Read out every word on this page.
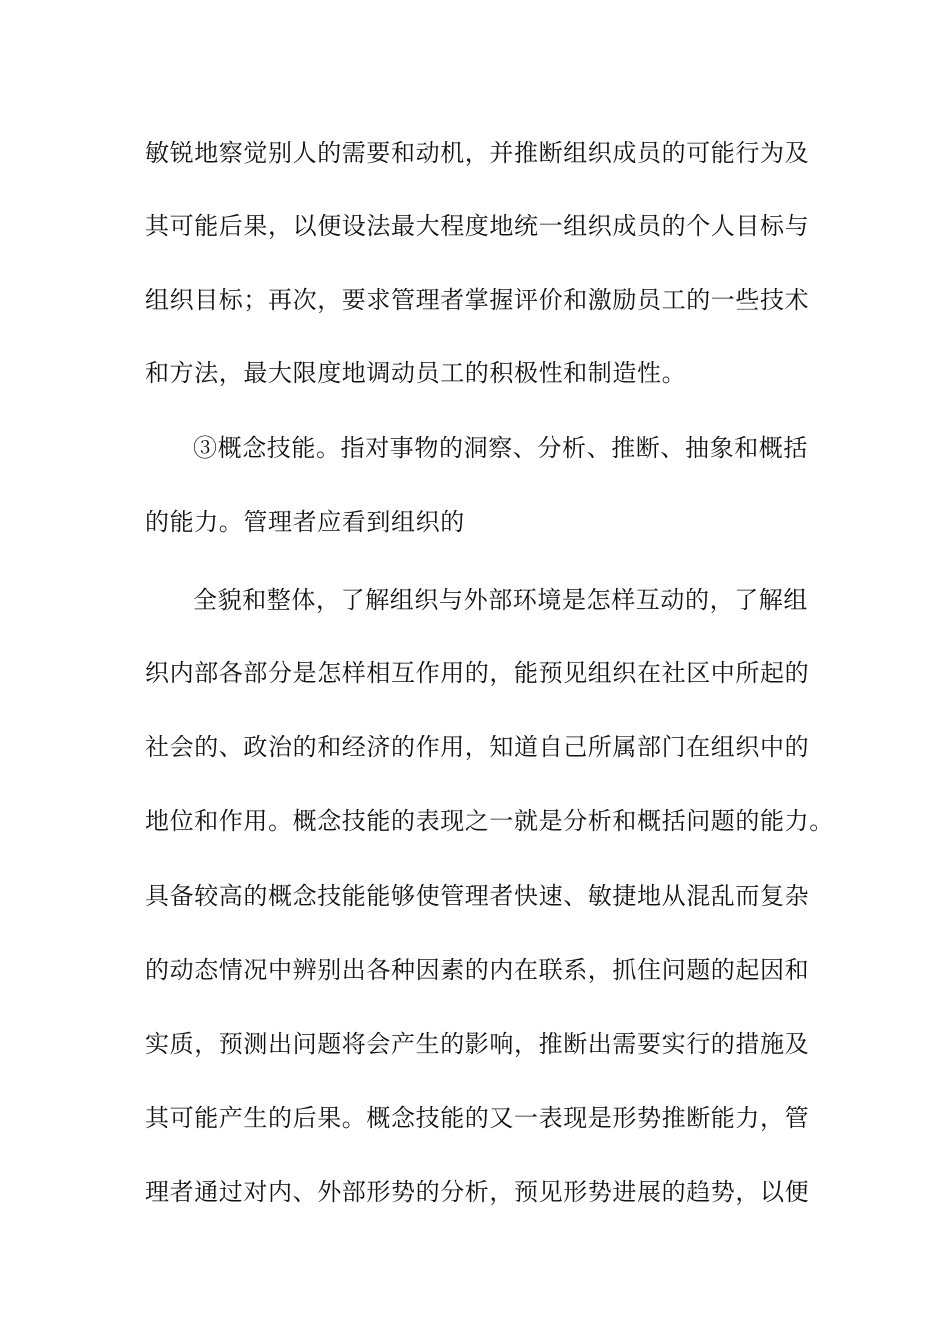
敏锐地察觉别人的需要和动机，并推断组织成员的可能行为及
其可能后果，以便设法最大程度地统一组织成员的个人目标与
组织目标；再次，要求管理者掌握评价和激励员工的一些技术
和方法，最大限度地调动员工的积极性和制造性。
③概念技能。指对事物的洞察、分析、推断、抽象和概括
的能力。管理者应看到组织的
全貌和整体，了解组织与外部环境是怎样互动的，了解组
织内部各部分是怎样相互作用的，能预见组织在社区中所起的
社会的、政治的和经济的作用，知道自己所属部门在组织中的
地位和作用。概念技能的表现之一就是分析和概括问题的能力。
具备较高的概念技能能够使管理者快速、敏捷地从混乱而复杂
的动态情况中辨别出各种因素的内在联系，抓住问题的起因和
实质，预测出问题将会产生的影响，推断出需要实行的措施及
其可能产生的后果。概念技能的又一表现是形势推断能力，管
理者通过对内、外部形势的分析，预见形势进展的趋势，以便
